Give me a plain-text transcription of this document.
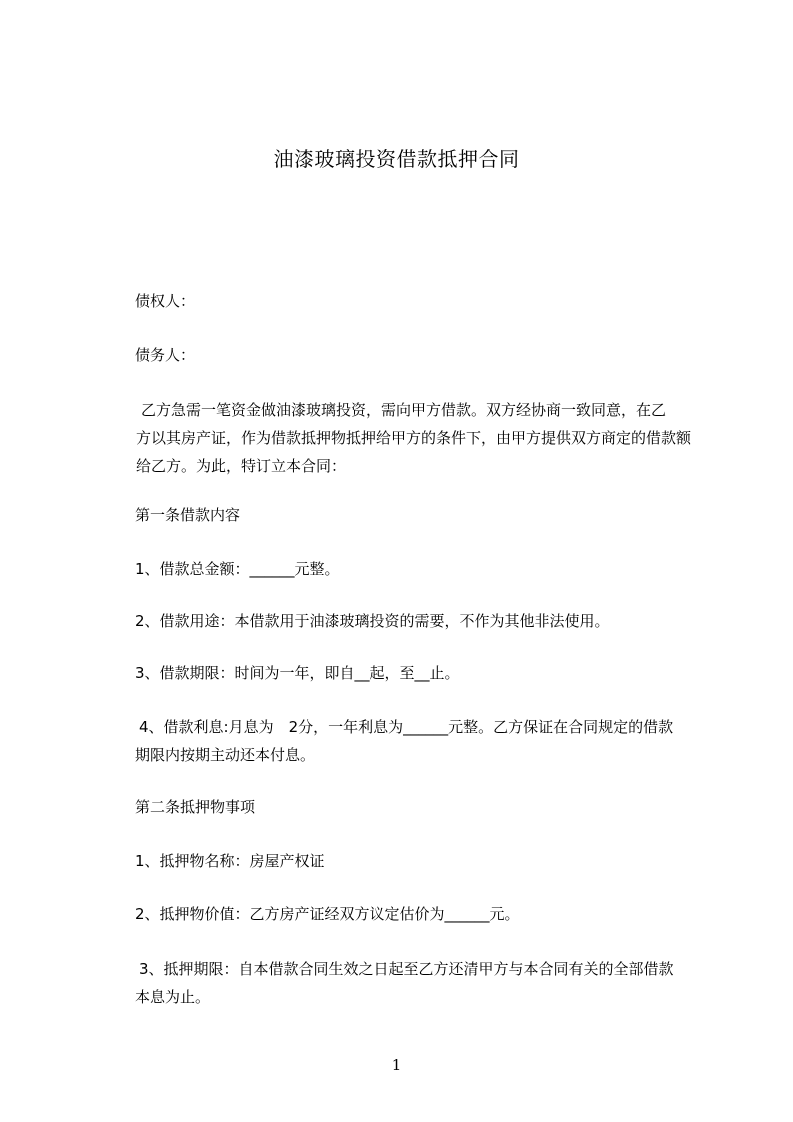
油漆玻璃投资借款抵押合同
债权人：
债务人：
乙方急需一笔资金做油漆玻璃投资，需向甲方借款。双方经协商一致同意，在乙
方以其房产证，作为借款抵押物抵押给甲方的条件下，由甲方提供双方商定的借款额
给乙方。为此，特订立本合同：
第一条借款内容
1、借款总金额：______元整。
2、借款用途：本借款用于油漆玻璃投资的需要，不作为其他非法使用。
3、借款期限：时间为一年，即自__起，至__止。
4、借款利息:月息为　2分，一年利息为______元整。乙方保证在合同规定的借款
期限内按期主动还本付息。
第二条抵押物事项
1、抵押物名称：房屋产权证
2、抵押物价值：乙方房产证经双方议定估价为______元。
3、抵押期限：自本借款合同生效之日起至乙方还清甲方与本合同有关的全部借款
本息为止。
1
